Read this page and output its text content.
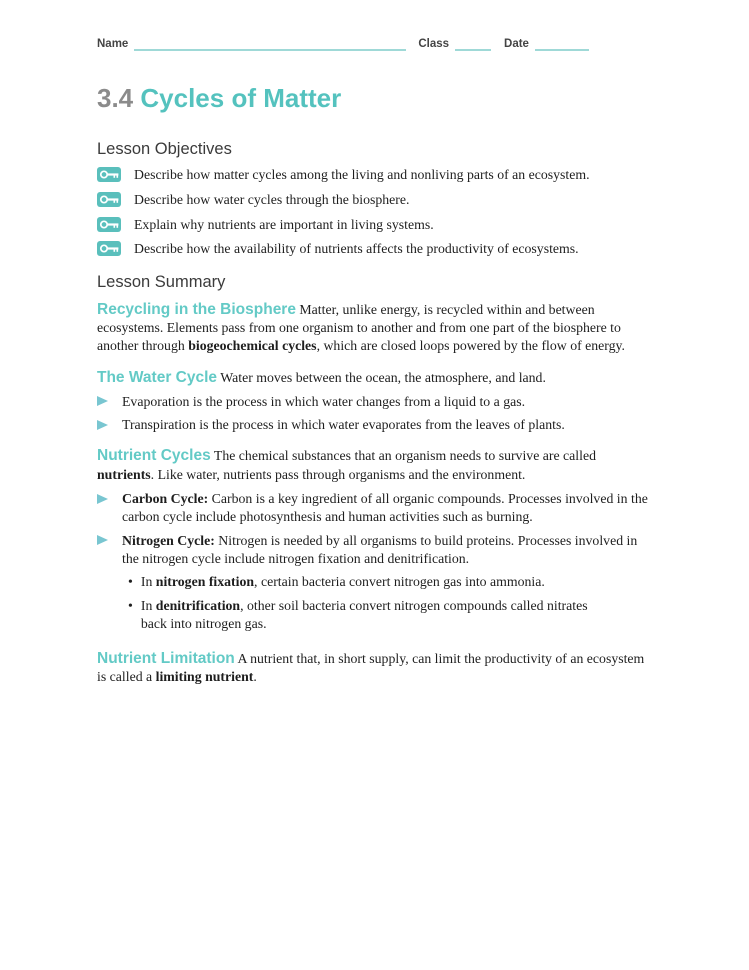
Name	Class	Date
3.4 Cycles of Matter
Lesson Objectives
Describe how matter cycles among the living and nonliving parts of an ecosystem.
Describe how water cycles through the biosphere.
Explain why nutrients are important in living systems.
Describe how the availability of nutrients affects the productivity of ecosystems.
Lesson Summary
Recycling in the Biosphere Matter, unlike energy, is recycled within and between ecosystems. Elements pass from one organism to another and from one part of the biosphere to another through biogeochemical cycles, which are closed loops powered by the flow of energy.
The Water Cycle Water moves between the ocean, the atmosphere, and land.
Evaporation is the process in which water changes from a liquid to a gas.
Transpiration is the process in which water evaporates from the leaves of plants.
Nutrient Cycles The chemical substances that an organism needs to survive are called nutrients. Like water, nutrients pass through organisms and the environment.
Carbon Cycle: Carbon is a key ingredient of all organic compounds. Processes involved in the carbon cycle include photosynthesis and human activities such as burning.
Nitrogen Cycle: Nitrogen is needed by all organisms to build proteins. Processes involved in the nitrogen cycle include nitrogen fixation and denitrification.
•
In nitrogen fixation, certain bacteria convert nitrogen gas into ammonia.
•
In denitrification, other soil bacteria convert nitrogen compounds called nitrates back into nitrogen gas.
Nutrient Limitation A nutrient that, in short supply, can limit the productivity of an ecosystem is called a limiting nutrient.
